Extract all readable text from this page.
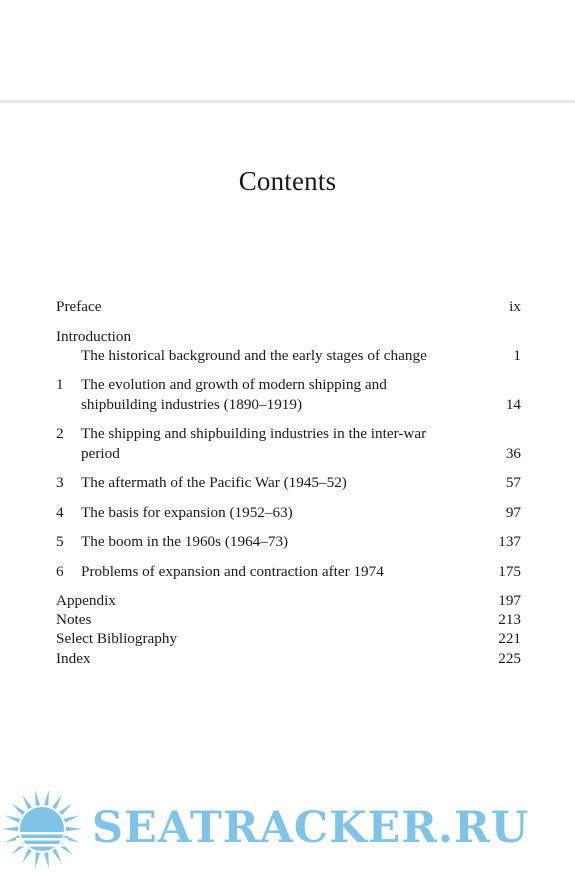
Contents
Preface	ix
Introduction
The historical background and the early stages of change	1
1 The evolution and growth of modern shipping and
shipbuilding industries (1890–1919)	14
2 The shipping and shipbuilding industries in the inter-war
period	36
3 The aftermath of the Pacific War (1945–52)	57
4 The basis for expansion (1952–63)	97
5 The boom in the 1960s (1964–73)	137
6 Problems of expansion and contraction after 1974	175
Appendix	197
Notes	213
Select Bibliography	221
Index	225
SEATRACKER.RU
